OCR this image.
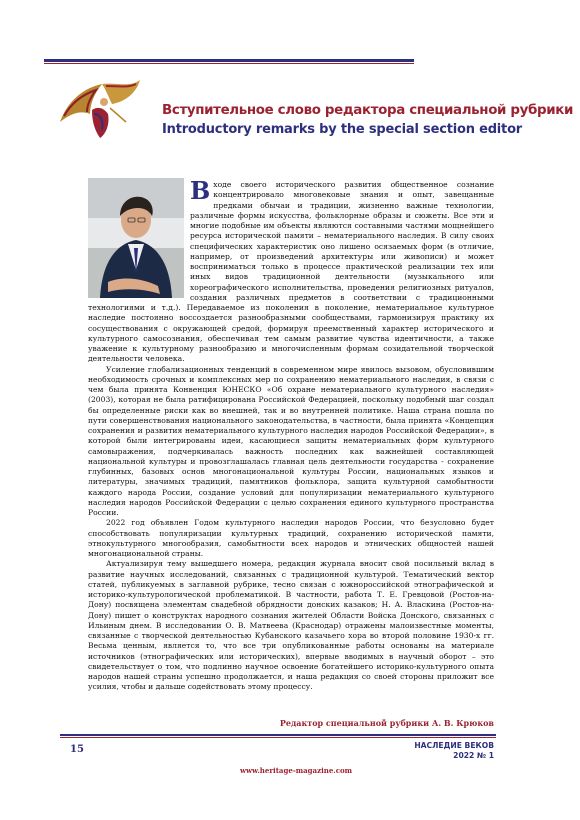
Вступительное слово редактора специальной рубрики
Introductory remarks by the special section editor

В ходе своего исторического развития общественное сознание концентрировало многовековые знания и опыт, завещанные предками обычаи и традиции, жизненно важные технологии, различные формы искусства, фольклорные образы и сюжеты. Все эти и многие подобные им объекты являются составными частями мощнейшего ресурса исторической памяти – нематериального наследия. В силу своих специфических характеристик оно лишено осязаемых форм (в отличие, например, от произведений архитектуры или живописи) и может восприниматься только в процессе практической реализации тех или иных видов традиционной деятельности (музыкального или хореографического исполнительства, проведения религиозных ритуалов, создания различных предметов в соответствии с традиционными технологиями и т.д.). Передаваемое из поколения в поколение, нематериальное культурное наследие постоянно воссоздается разнообразными сообществами, гармонизируя практику их сосуществования с окружающей средой, формируя преемственный характер исторического и культурного самосознания, обеспечивая тем самым развитие чувства идентичности, а также уважение к культурному разнообразию и многочисленным формам созидательной творческой деятельности человека.

Усиление глобализационных тенденций в современном мире явилось вызовом, обусловившим необходимость срочных и комплексных мер по сохранению нематериального наследия, в связи с чем была принята Конвенция ЮНЕСКО «Об охране нематериального культурного наследия» (2003), которая не была ратифицирована Российской Федерацией, поскольку подобный шаг создал бы определенные риски как во внешней, так и во внутренней политике. Наша страна пошла по пути совершенствования национального законодательства, в частности, была принята «Концепция сохранения и развития нематериального культурного наследия народов Российской Федерации», в которой были интегрированы идеи, касающиеся защиты нематериальных форм культурного самовыражения, подчеркивалась важность последних как важнейшей составляющей национальной культуры и провозглашалась главная цель деятельности государства - сохранение глубинных, базовых основ многонациональной культуры России, национальных языков и литературы, значимых традиций, памятников фольклора, защита культурной самобытности каждого народа России, создание условий для популяризации нематериального культурного наследия народов Российской Федерации с целью сохранения единого культурного пространства России.

2022 год объявлен Годом культурного наследия народов России, что безусловно будет способствовать популяризации культурных традиций, сохранению исторической памяти, этнокультурного многообразия, самобытности всех народов и этнических общностей нашей многонациональной страны.

Актуализируя тему вышедшего номера, редакция журнала вносит свой посильный вклад в развитие научных исследований, связанных с традиционной культурой. Тематический вектор статей, публикуемых в заглавной рубрике, тесно связан с южнороссийской этнографической и историко-культурологической проблематикой. В частности, работа Т. Е. Гревцовой (Ростов-на-Дону) посвящена элементам свадебной обрядности донских казаков; Н. А. Власкина (Ростов-на-Дону) пишет о конструктах народного сознания жителей Области Войска Донского, связанных с Ильиным днем. В исследовании О. В. Матвеева (Краснодар) отражены малоизвестные моменты, связанные с творческой деятельностью Кубанского казачьего хора во второй половине 1930-х гг. Весьма ценным, является то, что все три опубликованные работы основаны на материале источников (этнографических или исторических), впервые вводимых в научный оборот – это свидетельствует о том, что подлинно научное освоение богатейшего историко-культурного опыта народов нашей страны успешно продолжается, и наша редакция со своей стороны приложит все усилия, чтобы и дальше содействовать этому процессу.

Редактор специальной рубрики А. В. Крюков
15
www.heritage-magazine.com
НАСЛЕДИЕ ВЕКОВ
2022 № 1
